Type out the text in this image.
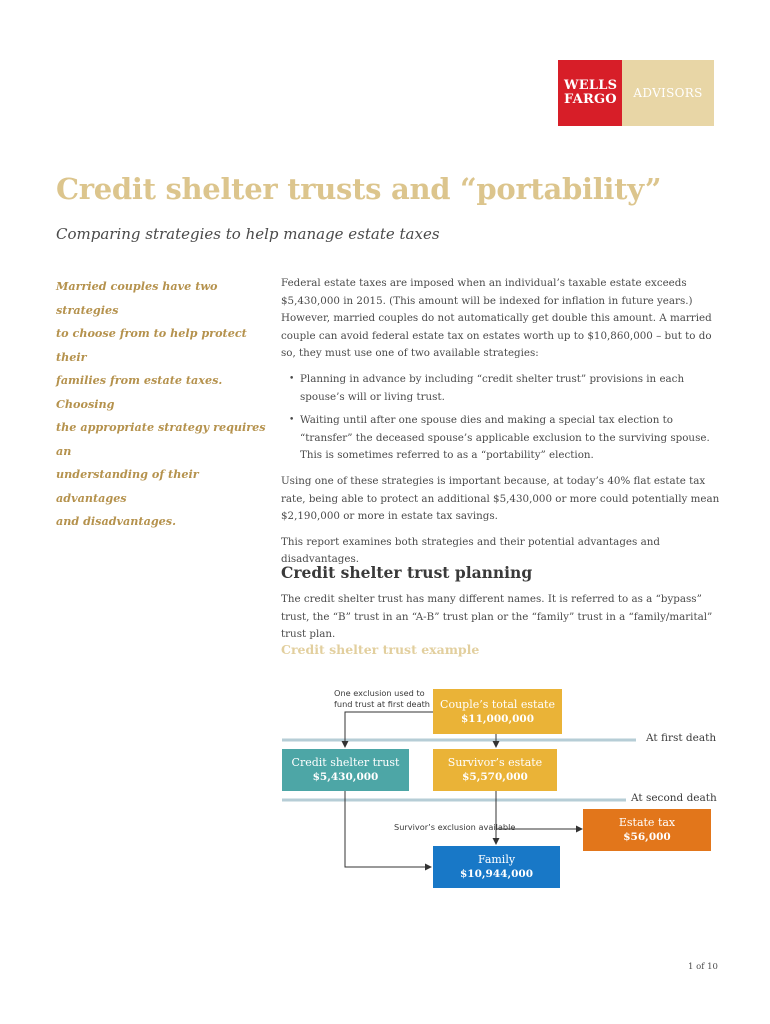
WELLS
FARGO	ADVISORS
Credit shelter trusts and “portability”
Comparing strategies to help manage estate taxes
Married couples have two strategies
to choose from to help protect their
families from estate taxes. Choosing
the appropriate strategy requires an
understanding of their advantages
and disadvantages.

Federal estate taxes are imposed when an individual’s taxable estate exceeds $5,430,000 in 2015. (This amount will be indexed for inflation in future years.) However, married couples do not automatically get double this amount. A married couple can avoid federal estate tax on estates worth up to $10,860,000 – but to do so, they must use one of two available strategies:

• Planning in advance by including “credit shelter trust” provisions in each spouse’s will or living trust.
• Waiting until after one spouse dies and making a special tax election to “transfer” the deceased spouse’s applicable exclusion to the surviving spouse. This is sometimes referred to as a “portability” election.

Using one of these strategies is important because, at today’s 40% flat estate tax rate, being able to protect an additional $5,430,000 or more could potentially mean $2,190,000 or more in estate tax savings.

This report examines both strategies and their potential advantages and disadvantages.

Credit shelter trust planning

The credit shelter trust has many different names. It is referred to as a “bypass” trust, the “B” trust in an “A-B” trust plan or the “family” trust in a “family/marital” trust plan.

Credit shelter trust example
One exclusion used to
fund trust at first death Couple’s total estate
$11,000,000
At first death
Credit shelter trust
$5,430,000
Survivor’s estate
$5,570,000
At second death
Survivor’s exclusion available	Estate tax
$56,000
Family
$10,944,000
1 of 10
